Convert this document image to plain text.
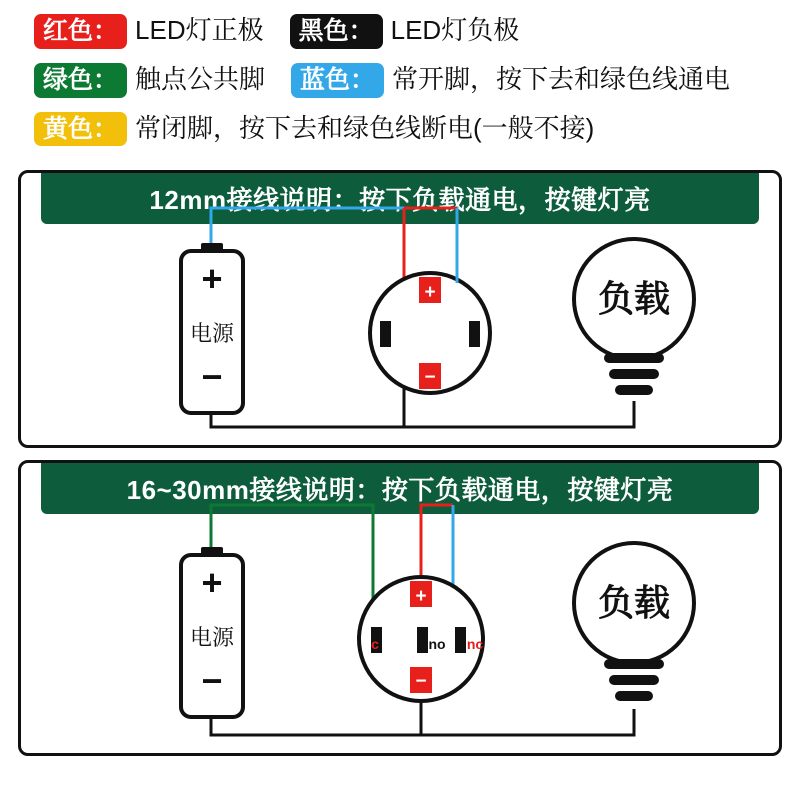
红色： LED灯正极	黑色： LED灯负极
绿色： 触点公共脚	蓝色： 常开脚，按下去和绿色线通电
黄色： 常闭脚，按下去和绿色线断电(一般不接)
12mm接线说明：按下负载通电，按键灯亮
+
电源
−
+
−
负载
16~30mm接线说明：按下负载通电，按键灯亮
+
电源
−
+
−
c	no nc
负载
